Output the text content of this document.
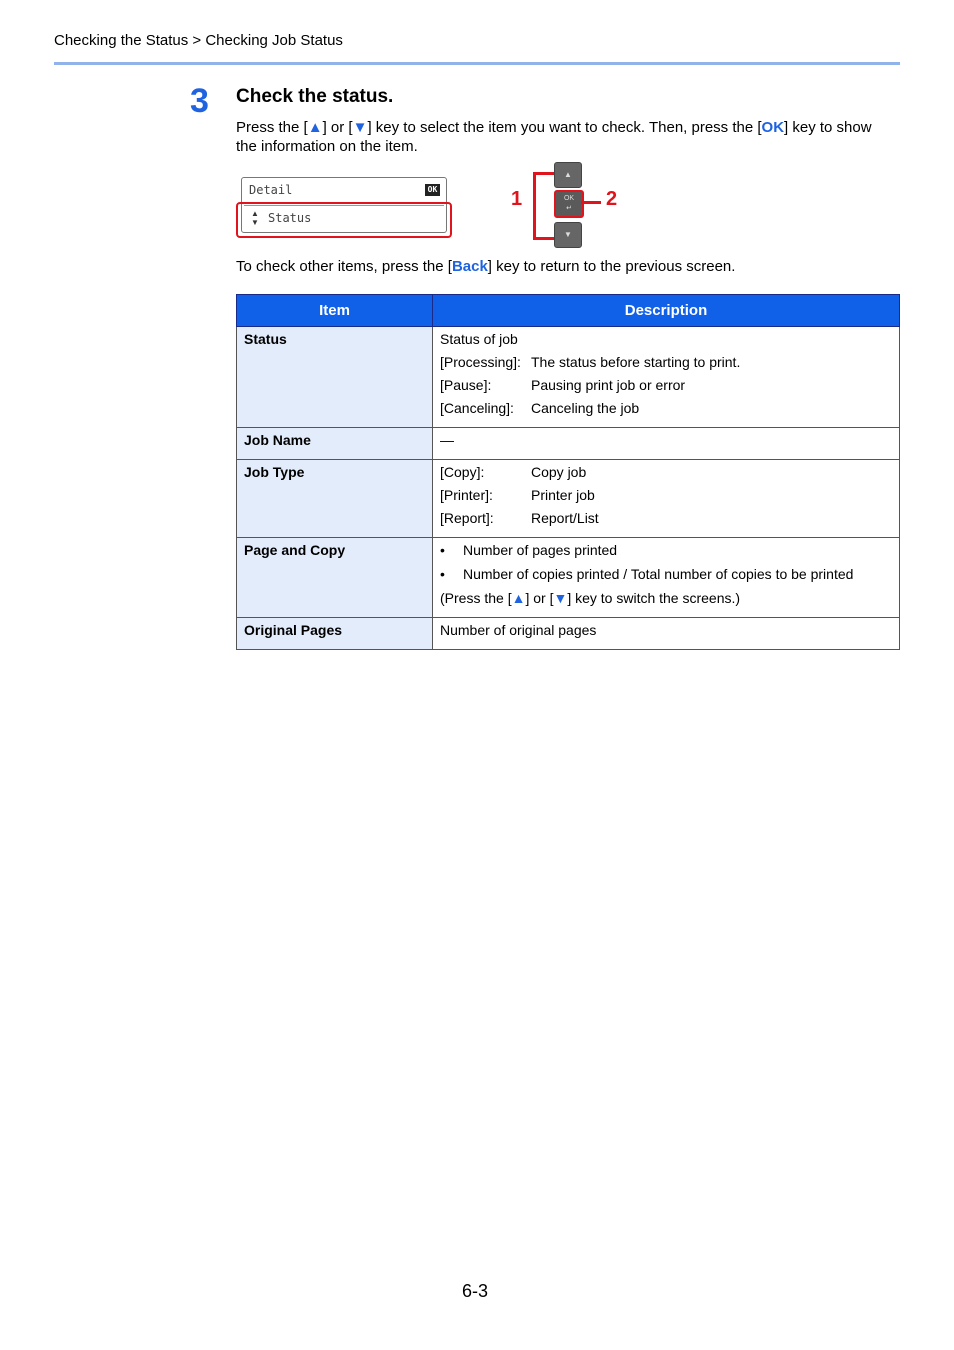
Checking the Status > Checking Job Status
3 Check the status.
Press the [▲] or [▼] key to select the item you want to check. Then, press the [OK] key to show the information on the item.
Detail	OK
▲
▼ Status
1
▲
OK
↵
▼
2
To check other items, press the [Back] key to return to the previous screen.
Item	Description
Status	Status of job
[Processing]: The status before starting to print.
[Pause]: Pausing print job or error
[Canceling]: Canceling the job

Job Name	—

Job Type	[Copy]: Copy job
[Printer]: Printer job
[Report]: Report/List

Page and Copy	• Number of pages printed
• Number of copies printed / Total number of copies to be printed
(Press the [▲] or [▼] key to switch the screens.)

Original Pages	Number of original pages
6-3
